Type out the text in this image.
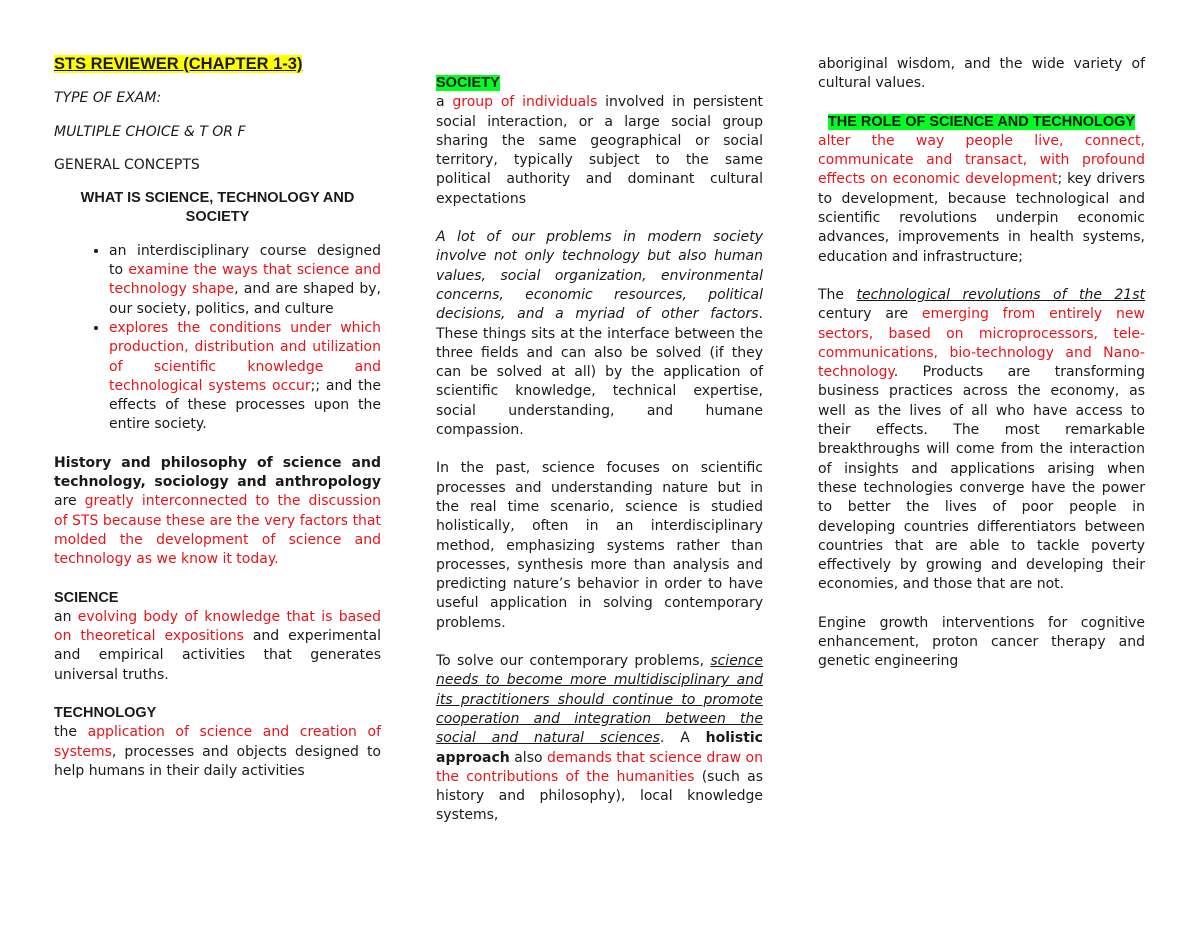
STS REVIEWER (CHAPTER 1-3)

TYPE OF EXAM:

MULTIPLE CHOICE & T OR F

GENERAL CONCEPTS

WHAT IS SCIENCE, TECHNOLOGY AND SOCIETY

• an interdisciplinary course designed to examine the ways that science and technology shape, and are shaped by, our society, politics, and culture
• explores the conditions under which production, distribution and utilization of scientific knowledge and technological systems occur;; and the effects of these processes upon the entire society.

History and philosophy of science and technology, sociology and anthropology are greatly interconnected to the discussion of STS because these are the very factors that molded the development of science and technology as we know it today.

SCIENCE

an evolving body of knowledge that is based on theoretical expositions and experimental and empirical activities that generates universal truths.

TECHNOLOGY

the application of science and creation of systems, processes and objects designed to help humans in their daily activities

SOCIETY

a group of individuals involved in persistent social interaction, or a large social group sharing the same geographical or social territory, typically subject to the same political authority and dominant cultural expectations

A lot of our problems in modern society involve not only technology but also human values, social organization, environmental concerns, economic resources, political decisions, and a myriad of other factors. These things sits at the interface between the three fields and can also be solved (if they can be solved at all) by the application of scientific knowledge, technical expertise, social understanding, and humane compassion.

In the past, science focuses on scientific processes and understanding nature but in the real time scenario, science is studied holistically, often in an interdisciplinary method, emphasizing systems rather than processes, synthesis more than analysis and predicting nature’s behavior in order to have useful application in solving contemporary problems.

To solve our contemporary problems, science needs to become more multidisciplinary and its practitioners should continue to promote cooperation and integration between the social and natural sciences. A holistic approach also demands that science draw on the contributions of the humanities (such as history and philosophy), local knowledge systems,

aboriginal wisdom, and the wide variety of cultural values.

THE ROLE OF SCIENCE AND TECHNOLOGY

alter the way people live, connect, communicate and transact, with profound effects on economic development; key drivers to development, because technological and scientific revolutions underpin economic advances, improvements in health systems, education and infrastructure;

The technological revolutions of the 21st century are emerging from entirely new sectors, based on microprocessors, tele-communications, bio-technology and Nano-technology. Products are transforming business practices across the economy, as well as the lives of all who have access to their effects. The most remarkable breakthroughs will come from the interaction of insights and applications arising when these technologies converge have the power to better the lives of poor people in developing countries differentiators between countries that are able to tackle poverty effectively by growing and developing their economies, and those that are not.

Engine growth interventions for cognitive enhancement, proton cancer therapy and genetic engineering
